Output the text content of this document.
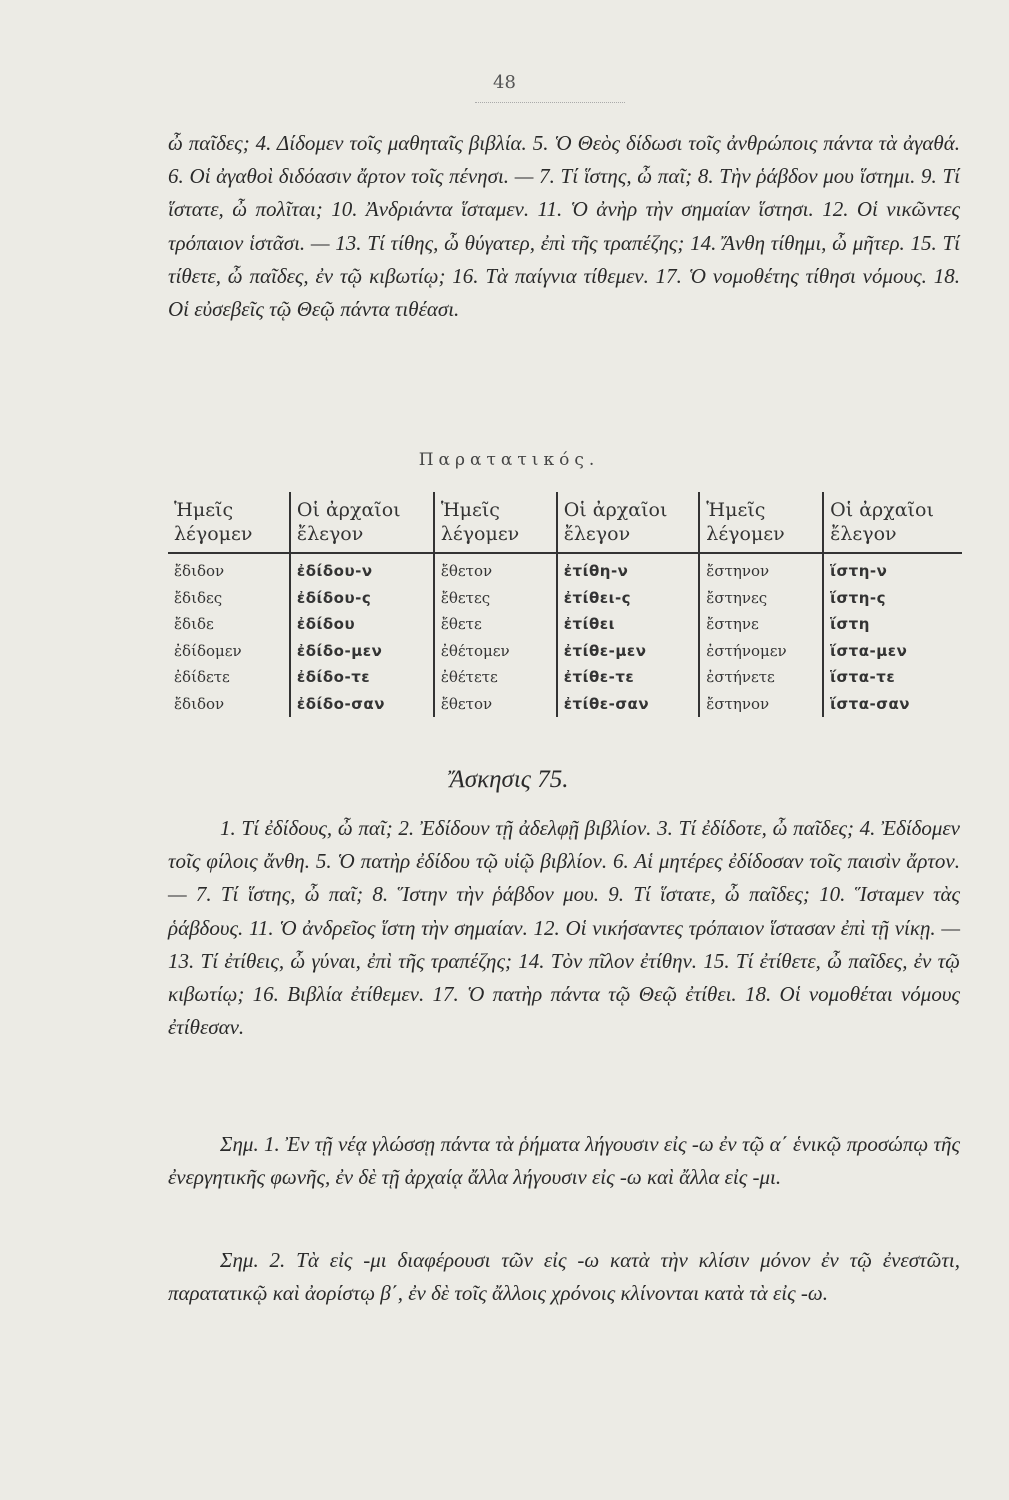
48

ὦ παῖδες; 4. Δίδομεν τοῖς μαθηταῖς βιβλία. 5. Ὁ Θεὸς δίδωσι τοῖς ἀνθρώποις πάντα τὰ ἀγαθά. 6. Οἱ ἀγαθοὶ διδόασιν ἄρτον τοῖς πένησι. — 7. Τί ἵστης, ὦ παῖ; 8. Τὴν ῥάβδον μου ἵστημι. 9. Τί ἵστατε, ὦ πολῖται; 10. Ἀνδριάντα ἵσταμεν. 11. Ὁ ἀνὴρ τὴν σημαίαν ἵστησι. 12. Οἱ νικῶντες τρόπαιον ἱστᾶσι. — 13. Τί τίθης, ὦ θύγατερ, ἐπὶ τῆς τραπέζης; 14. Ἄνθη τίθημι, ὦ μῆτερ. 15. Τί τίθετε, ὦ παῖδες, ἐν τῷ κιβωτίῳ; 16. Τὰ παίγνια τίθεμεν. 17. Ὁ νομοθέτης τίθησι νόμους. 18. Οἱ εὐσεβεῖς τῷ Θεῷ πάντα τιθέασι.

Παρατατικός.
Ἡμεῖς λέγομεν	Οἱ ἀρχαῖοι ἔλεγον	Ἡμεῖς λέγομεν	Οἱ ἀρχαῖοι ἔλεγον	Ἡμεῖς λέγομεν	Οἱ ἀρχαῖοι ἔλεγον
ἔδιδον	ἐδίδου-ν	ἔθετον	ἐτίθη-ν	ἔστηνον	ἵστη-ν
ἔδιδες	ἐδίδου-ς	ἔθετες	ἐτίθει-ς	ἔστηνες	ἵστη-ς
ἔδιδε	ἐδίδου	ἔθετε	ἐτίθει	ἔστηνε	ἵστη
ἐδίδομεν	ἐδίδο-μεν	ἐθέτομεν	ἐτίθε-μεν	ἐστήνομεν	ἵστα-μεν
ἐδίδετε	ἐδίδο-τε	ἐθέτετε	ἐτίθε-τε	ἐστήνετε	ἵστα-τε
ἔδιδον	ἐδίδο-σαν	ἔθετον	ἐτίθε-σαν	ἔστηνον	ἵστα-σαν
Ἄσκησις 75.

1. Τί ἐδίδους, ὦ παῖ; 2. Ἐδίδουν τῇ ἀδελφῇ βιβλίον. 3. Τί ἐδίδοτε, ὦ παῖδες; 4. Ἐδίδομεν τοῖς φίλοις ἄνθη. 5. Ὁ πατὴρ ἐδίδου τῷ υἱῷ βιβλίον. 6. Αἱ μητέρες ἐδίδοσαν τοῖς παισὶν ἄρτον. — 7. Τί ἵστης, ὦ παῖ; 8. Ἵστην τὴν ῥάβδον μου. 9. Τί ἵστατε, ὦ παῖδες; 10. Ἵσταμεν τὰς ῥάβδους. 11. Ὁ ἀνδρεῖος ἵστη τὴν σημαίαν. 12. Οἱ νικήσαντες τρόπαιον ἵστασαν ἐπὶ τῇ νίκῃ. — 13. Τί ἐτίθεις, ὦ γύναι, ἐπὶ τῆς τραπέζης; 14. Τὸν πῖλον ἐτίθην. 15. Τί ἐτίθετε, ὦ παῖδες, ἐν τῷ κιβωτίῳ; 16. Βιβλία ἐτίθεμεν. 17. Ὁ πατὴρ πάντα τῷ Θεῷ ἐτίθει. 18. Οἱ νομοθέται νόμους ἐτίθεσαν.

Σημ. 1. Ἐν τῇ νέᾳ γλώσσῃ πάντα τὰ ῥήματα λήγουσιν εἰς -ω ἐν τῷ α΄ ἑνικῷ προσώπῳ τῆς ἐνεργητικῆς φωνῆς, ἐν δὲ τῇ ἀρχαίᾳ ἄλλα λήγουσιν εἰς -ω καὶ ἄλλα εἰς -μι.

Σημ. 2. Τὰ εἰς -μι διαφέρουσι τῶν εἰς -ω κατὰ τὴν κλίσιν μόνον ἐν τῷ ἐνεστῶτι, παρατατικῷ καὶ ἀορίστῳ β΄, ἐν δὲ τοῖς ἄλλοις χρόνοις κλίνονται κατὰ τὰ εἰς -ω.
